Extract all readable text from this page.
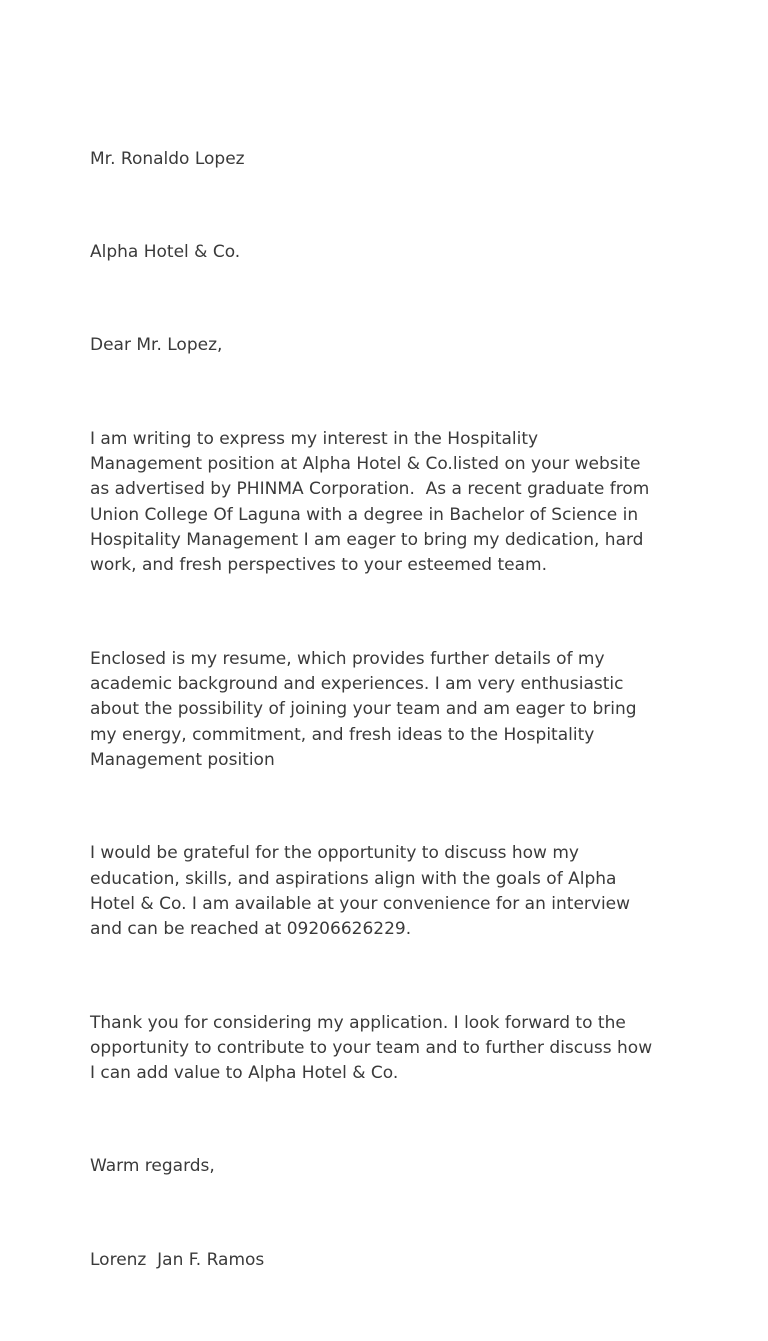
Mr. Ronaldo Lopez

Alpha Hotel & Co.

Dear Mr. Lopez,

I am writing to express my interest in the Hospitality
Management position at Alpha Hotel & Co.listed on your website
as advertised by PHINMA Corporation.  As a recent graduate from
Union College Of Laguna with a degree in Bachelor of Science in
Hospitality Management I am eager to bring my dedication, hard
work, and fresh perspectives to your esteemed team.

Enclosed is my resume, which provides further details of my
academic background and experiences. I am very enthusiastic
about the possibility of joining your team and am eager to bring
my energy, commitment, and fresh ideas to the Hospitality
Management position

I would be grateful for the opportunity to discuss how my
education, skills, and aspirations align with the goals of Alpha
Hotel & Co. I am available at your convenience for an interview
and can be reached at 09206626229.

Thank you for considering my application. I look forward to the
opportunity to contribute to your team and to further discuss how
I can add value to Alpha Hotel & Co.

Warm regards,

Lorenz  Jan F. Ramos
